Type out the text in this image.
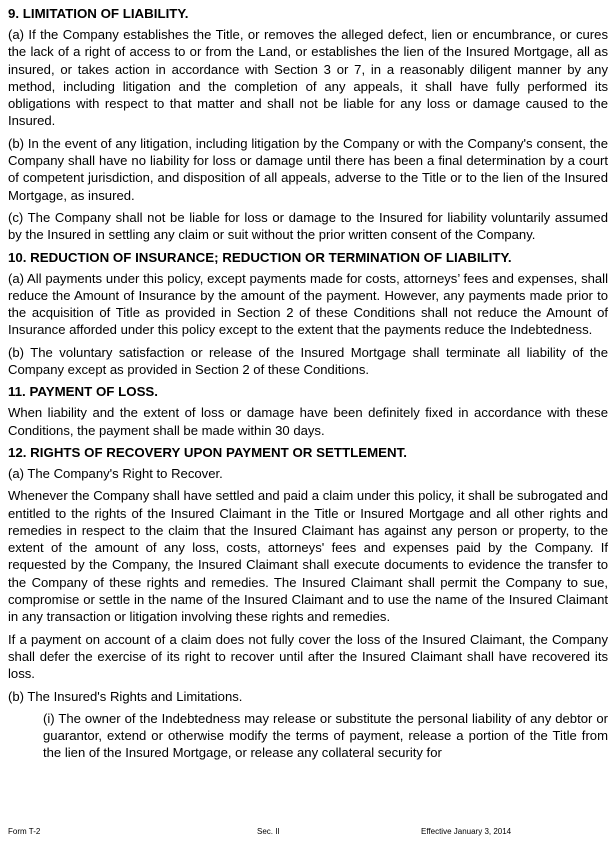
9. LIMITATION OF LIABILITY.

(a) If the Company establishes the Title, or removes the alleged defect, lien or encumbrance, or cures the lack of a right of access to or from the Land, or establishes the lien of the Insured Mortgage, all as insured, or takes action in accordance with Section 3 or 7, in a reasonably diligent manner by any method, including litigation and the completion of any appeals, it shall have fully performed its obligations with respect to that matter and shall not be liable for any loss or damage caused to the Insured.

(b) In the event of any litigation, including litigation by the Company or with the Company's consent, the Company shall have no liability for loss or damage until there has been a final determination by a court of competent jurisdiction, and disposition of all appeals, adverse to the Title or to the lien of the Insured Mortgage, as insured.

(c) The Company shall not be liable for loss or damage to the Insured for liability voluntarily assumed by the Insured in settling any claim or suit without the prior written consent of the Company.

10. REDUCTION OF INSURANCE; REDUCTION OR TERMINATION OF LIABILITY.

(a) All payments under this policy, except payments made for costs, attorneys’ fees and expenses, shall reduce the Amount of Insurance by the amount of the payment. However, any payments made prior to the acquisition of Title as provided in Section 2 of these Conditions shall not reduce the Amount of Insurance afforded under this policy except to the extent that the payments reduce the Indebtedness.

(b) The voluntary satisfaction or release of the Insured Mortgage shall terminate all liability of the Company except as provided in Section 2 of these Conditions.

11. PAYMENT OF LOSS.

When liability and the extent of loss or damage have been definitely fixed in accordance with these Conditions, the payment shall be made within 30 days.

12. RIGHTS OF RECOVERY UPON PAYMENT OR SETTLEMENT.

(a) The Company's Right to Recover.

Whenever the Company shall have settled and paid a claim under this policy, it shall be subrogated and entitled to the rights of the Insured Claimant in the Title or Insured Mortgage and all other rights and remedies in respect to the claim that the Insured Claimant has against any person or property, to the extent of the amount of any loss, costs, attorneys' fees and expenses paid by the Company. If requested by the Company, the Insured Claimant shall execute documents to evidence the transfer to the Company of these rights and remedies. The Insured Claimant shall permit the Company to sue, compromise or settle in the name of the Insured Claimant and to use the name of the Insured Claimant in any transaction or litigation involving these rights and remedies.

If a payment on account of a claim does not fully cover the loss of the Insured Claimant, the Company shall defer the exercise of its right to recover until after the Insured Claimant shall have recovered its loss.

(b) The Insured's Rights and Limitations.

(i) The owner of the Indebtedness may release or substitute the personal liability of any debtor or guarantor, extend or otherwise modify the terms of payment, release a portion of the Title from the lien of the Insured Mortgage, or release any collateral security for

Form T-2	Sec. II	Effective January 3, 2014
